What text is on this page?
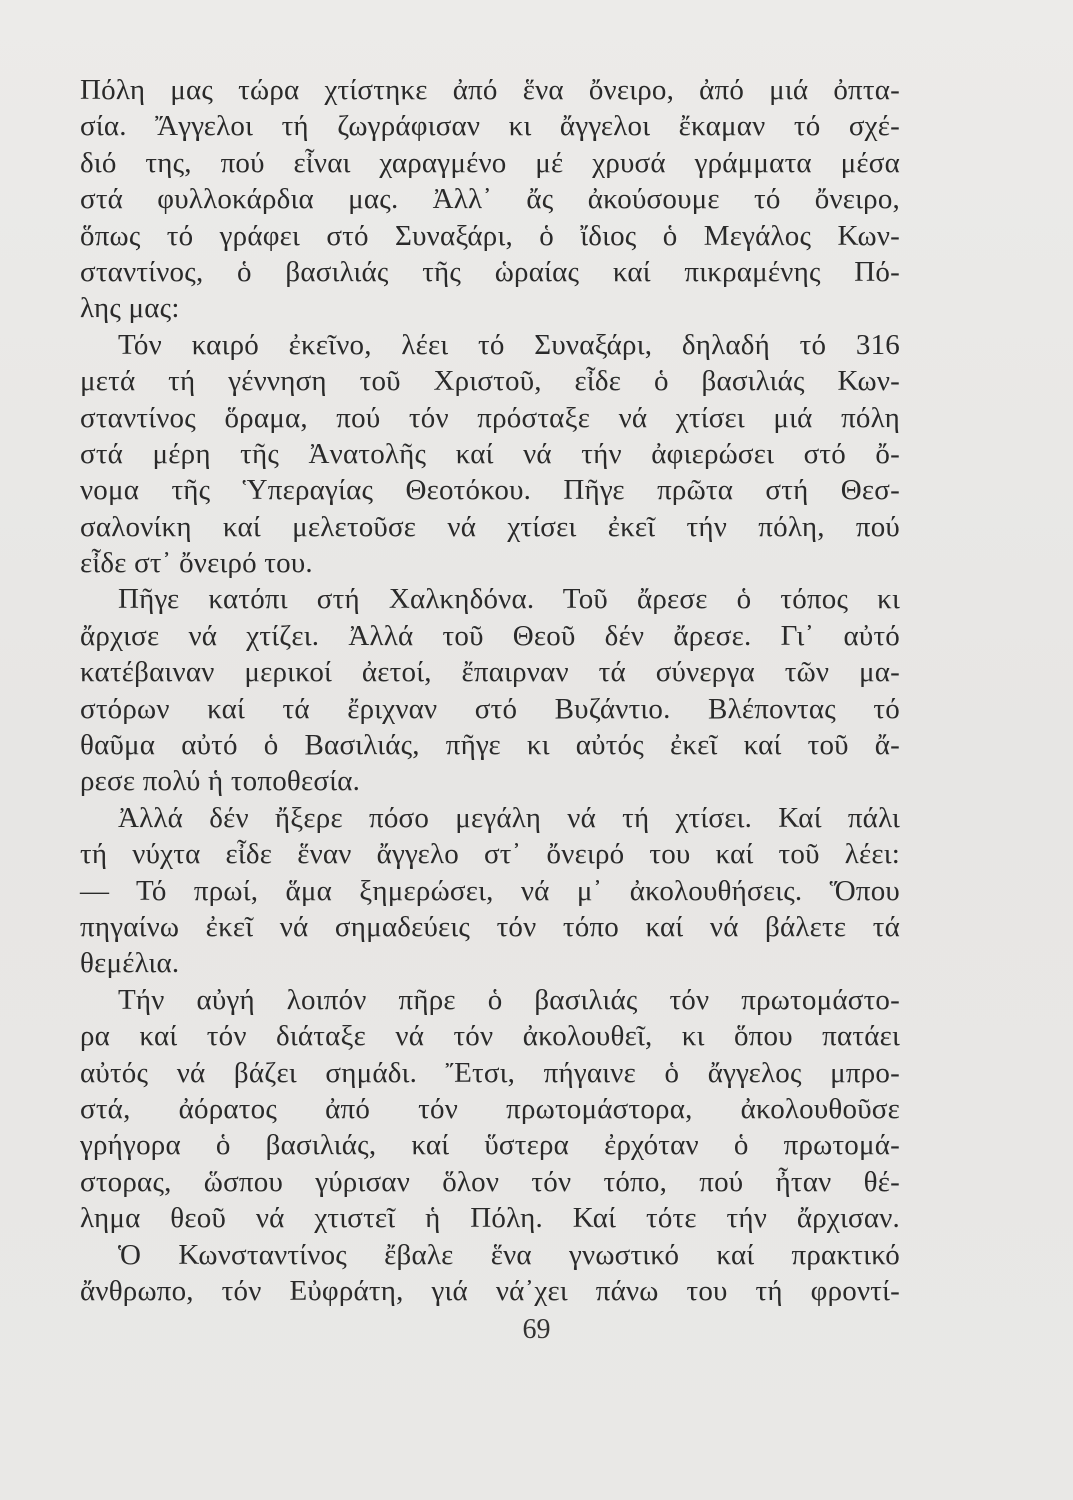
Πόλη μας τώρα χτίστηκε ἀπό ἕνα ὄνειρο, ἀπό μιά ὀπτα-
σία. Ἄγγελοι τή ζωγράφισαν κι ἄγγελοι ἔκαμαν τό σχέ-
διό της, πού εἶναι χαραγμένο μέ χρυσά γράμματα μέσα
στά φυλλοκάρδια μας. Ἀλλ᾽ ἄς ἀκούσουμε τό ὄνειρο,
ὅπως τό γράφει στό Συναξάρι, ὁ ἴδιος ὁ Μεγάλος Κων-
σταντίνος, ὁ βασιλιάς τῆς ὡραίας καί πικραμένης Πό-
λης μας:
Τόν καιρό ἐκεῖνο, λέει τό Συναξάρι, δηλαδή τό 316
μετά τή γέννηση τοῦ Χριστοῦ, εἶδε ὁ βασιλιάς Κων-
σταντίνος ὅραμα, πού τόν πρόσταξε νά χτίσει μιά πόλη
στά μέρη τῆς Ἀνατολῆς καί νά τήν ἀφιερώσει στό ὄ-
νομα τῆς Ὑπεραγίας Θεοτόκου. Πῆγε πρῶτα στή Θεσ-
σαλονίκη καί μελετοῦσε νά χτίσει ἐκεῖ τήν πόλη, πού
εἶδε στ᾽ ὄνειρό του.
Πῆγε κατόπι στή Χαλκηδόνα. Τοῦ ἄρεσε ὁ τόπος κι
ἄρχισε νά χτίζει. Ἀλλά τοῦ Θεοῦ δέν ἄρεσε. Γι᾽ αὐτό
κατέβαιναν μερικοί ἀετοί, ἔπαιρναν τά σύνεργα τῶν μα-
στόρων καί τά ἔριχναν στό Βυζάντιο. Βλέποντας τό
θαῦμα αὐτό ὁ Βασιλιάς, πῆγε κι αὐτός ἐκεῖ καί τοῦ ἄ-
ρεσε πολύ ἡ τοποθεσία.
Ἀλλά δέν ἤξερε πόσο μεγάλη νά τή χτίσει. Καί πάλι
τή νύχτα εἶδε ἕναν ἄγγελο στ᾽ ὄνειρό του καί τοῦ λέει:
— Τό πρωί, ἅμα ξημερώσει, νά μ᾽ ἀκολουθήσεις. Ὅπου
πηγαίνω ἐκεῖ νά σημαδεύεις τόν τόπο καί νά βάλετε τά
θεμέλια.
Τήν αὐγή λοιπόν πῆρε ὁ βασιλιάς τόν πρωτομάστο-
ρα καί τόν διάταξε νά τόν ἀκολουθεῖ, κι ὅπου πατάει
αὐτός νά βάζει σημάδι. Ἔτσι, πήγαινε ὁ ἄγγελος μπρο-
στά, ἀόρατος ἀπό τόν πρωτομάστορα, ἀκολουθοῦσε
γρήγορα ὁ βασιλιάς, καί ὕστερα ἐρχόταν ὁ πρωτομά-
στορας, ὥσπου γύρισαν ὅλον τόν τόπο, πού ἦταν θέ-
λημα θεοῦ νά χτιστεῖ ἡ Πόλη. Καί τότε τήν ἄρχισαν.
Ὁ Κωνσταντίνος ἔβαλε ἕνα γνωστικό καί πρακτικό
ἄνθρωπο, τόν Εὐφράτη, γιά νά᾽χει πάνω του τή φροντί-
69
